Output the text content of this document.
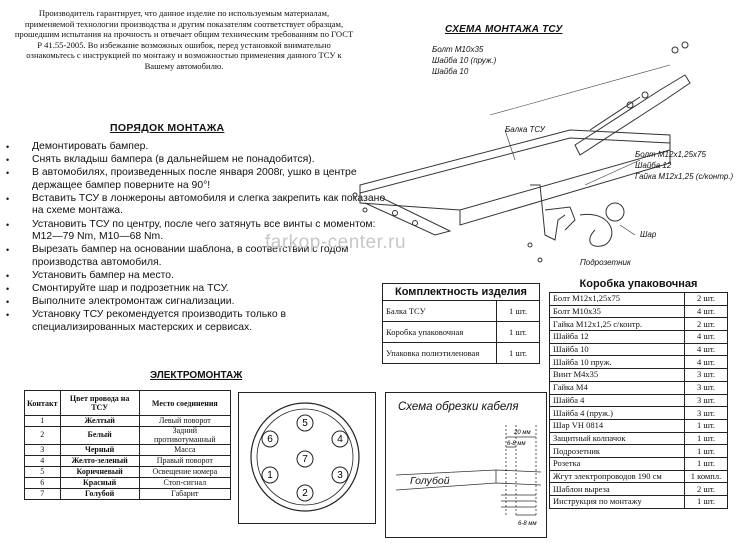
Производитель гарантирует, что данное изделие по используемым материалам, применяемой технологии производства и другим показателям соответствует образцам, прошедшим испытания на прочность и отвечает общим техническим требованиям по ГОСТ Р 41.55-2005. Во избежание возможных ошибок, перед установкой внимательно ознакомьтесь с инструкцией по монтажу и возможностью применения данного ТСУ к Вашему автомобилю.
ПОРЯДОК МОНТАЖА
• Демонтировать бампер.
• Снять вкладыш бампера (в дальнейшем не понадобится).
• В автомобилях, произведенных после января 2008г, ушко в центре держащее бампер поверните на 90°!
• Вставить ТСУ в лонжероны автомобиля и слегка закрепить как показано на схеме монтажа.
• Установить ТСУ по центру, после чего затянуть все винты с моментом: М12—79 Nm, М10—68 Nm.
• Вырезать бампер на основании шаблона, в соответствии с годом производства автомобиля.
• Установить бампер на место.
• Смонтируйте шар и подрозетник на ТСУ.
• Выполните электромонтаж сигнализации.
• Установку ТСУ рекомендуется производить только в специализированных мастерских и сервисах.
СХЕМА МОНТАЖА ТСУ
Болт М10х35
Шайба 10 (пруж.)
Шайба 10
Балка ТСУ
Болт М12х1,25х75
Шайба 12
Гайка М12х1,25 (с/контр.)
Шар
Подрозетник
farkop-center.ru
Комплектность изделия
Балка ТСУ	1 шт.
Коробка упаковочная	1 шт.
Упаковка полиэтиленовая	1 шт.
Коробка упаковочная
Болт М12х1,25х75	2 шт.
Болт М10х35	4 шт.
Гайка М12х1,25 с/контр.	2 шт.
Шайба 12	4 шт.
Шайба 10	4 шт.
Шайба 10 пруж.	4 шт.
Винт М4х35	3 шт.
Гайка М4	3 шт.
Шайба 4	3 шт.
Шайба 4 (пруж.)	3 шт.
Шар VH 0814	1 шт.
Защитный колпачок	1 шт.
Подрозетник	1 шт.
Розетка	1 шт.
Жгут электропроводов 190 см	1 компл.
Шаблон выреза	2 шт.
Инструкция по монтажу	1 шт.
ЭЛЕКТРОМОНТАЖ
Контакт	Цвет провода на ТСУ	Место соединения
1	Желтый	Левый поворот
2	Белый	Задний противотуманный
3	Черный	Масса
4	Желто-зеленый	Правый поворот
5	Коричневый	Освещение номера
6	Красный	Стоп-сигнал
7	Голубой	Габарит
1
2
3
4
5
6
7
Схема обрезки кабеля
20 мм
6-8 мм
6-8 мм
Голубой
